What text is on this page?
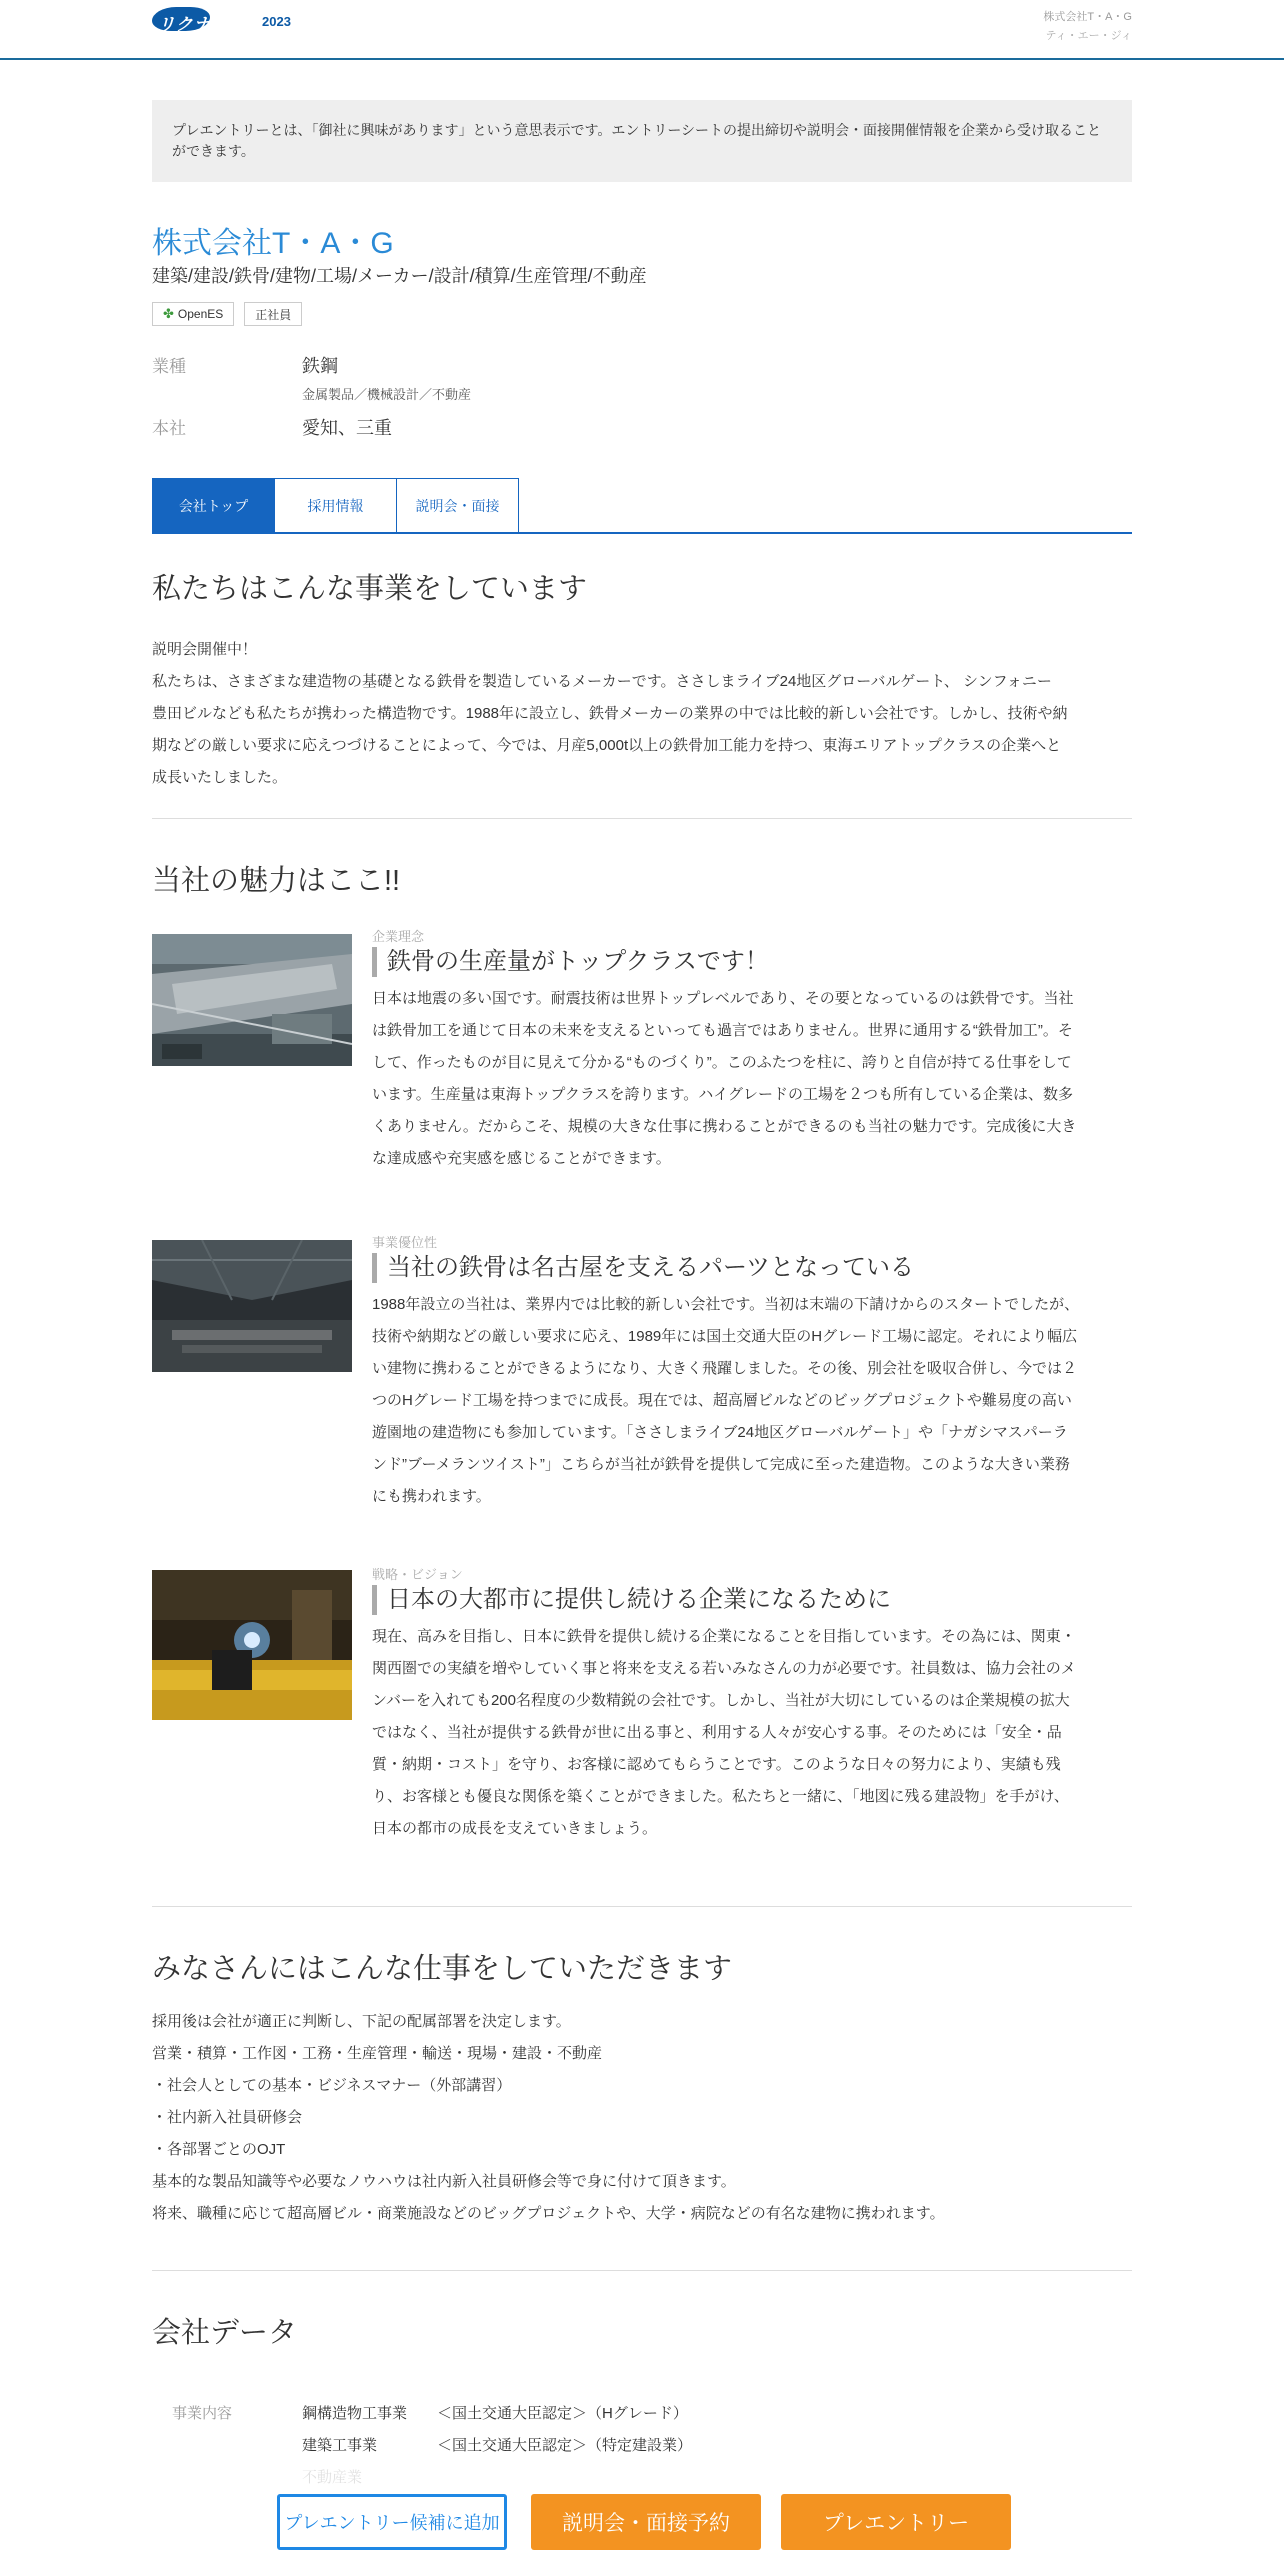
リクナビ 2023	株式会社T・A・G
ティ・エー・ジィ
プレエントリーとは、「御社に興味があります」という意思表示です。エントリーシートの提出締切や説明会・面接開催情報を企業から受け取ることができます。
株式会社T・A・G
建築/建設/鉄骨/建物/工場/メーカー/設計/積算/生産管理/不動産
✤ OpenES	正社員
業種	鉄鋼
金属製品／機械設計／不動産
本社	愛知、三重
会社トップ	採用情報	説明会・面接
私たちはこんな事業をしています
説明会開催中！
私たちは、さまざまな建造物の基礎となる鉄骨を製造しているメーカーです。ささしまライブ24地区グローバルゲート、 シンフォニー
豊田ビルなども私たちが携わった構造物です。1988年に設立し、鉄骨メーカーの業界の中では比較的新しい会社です。しかし、技術や納
期などの厳しい要求に応えつづけることによって、今では、月産5,000t以上の鉄骨加工能力を持つ、東海エリアトップクラスの企業へと
成長いたしました。
当社の魅力はここ!!
企業理念
鉄骨の生産量がトップクラスです！
日本は地震の多い国です。耐震技術は世界トップレベルであり、その要となっているのは鉄骨です。当社
は鉄骨加工を通じて日本の未来を支えるといっても過言ではありません。世界に通用する“鉄骨加工”。そ
して、作ったものが目に見えて分かる“ものづくり”。このふたつを柱に、誇りと自信が持てる仕事をして
います。生産量は東海トップクラスを誇ります。ハイグレードの工場を２つも所有している企業は、数多
くありません。だからこそ、規模の大きな仕事に携わることができるのも当社の魅力です。完成後に大き
な達成感や充実感を感じることができます。
事業優位性
当社の鉄骨は名古屋を支えるパーツとなっている
1988年設立の当社は、業界内では比較的新しい会社です。当初は末端の下請けからのスタートでしたが、
技術や納期などの厳しい要求に応え、1989年には国土交通大臣のHグレード工場に認定。それにより幅広
い建物に携わることができるようになり、大きく飛躍しました。その後、別会社を吸収合併し、今では２
つのHグレード工場を持つまでに成長。現在では、超高層ビルなどのビッグプロジェクトや難易度の高い
遊園地の建造物にも参加しています。「ささしまライブ24地区グローバルゲート」や「ナガシマスパーラ
ンド”ブーメランツイスト”」こちらが当社が鉄骨を提供して完成に至った建造物。このような大きい業務
にも携われます。
戦略・ビジョン
日本の大都市に提供し続ける企業になるために
現在、高みを目指し、日本に鉄骨を提供し続ける企業になることを目指しています。その為には、関東・
関西圏での実績を増やしていく事と将来を支える若いみなさんの力が必要です。社員数は、協力会社のメ
ンバーを入れても200名程度の少数精鋭の会社です。しかし、当社が大切にしているのは企業規模の拡大
ではなく、当社が提供する鉄骨が世に出る事と、利用する人々が安心する事。そのためには「安全・品
質・納期・コスト」を守り、お客様に認めてもらうことです。このような日々の努力により、実績も残
り、お客様とも優良な関係を築くことができました。私たちと一緒に、「地図に残る建設物」を手がけ、
日本の都市の成長を支えていきましょう。
みなさんにはこんな仕事をしていただきます
採用後は会社が適正に判断し、下記の配属部署を決定します。
営業・積算・工作図・工務・生産管理・輸送・現場・建設・不動産
・社会人としての基本・ビジネスマナー（外部講習）
・社内新入社員研修会
・各部署ごとのOJT
基本的な製品知識等や必要なノウハウは社内新入社員研修会等で身に付けて頂きます。
将来、職種に応じて超高層ビル・商業施設などのビッグプロジェクトや、大学・病院などの有名な建物に携われます。
会社データ
事業内容	鋼構造物工事業　　＜国土交通大臣認定＞（Hグレード）
建築工事業　　　　＜国土交通大臣認定＞（特定建設業）
プレエントリー候補に追加	説明会・面接予約	プレエントリー
